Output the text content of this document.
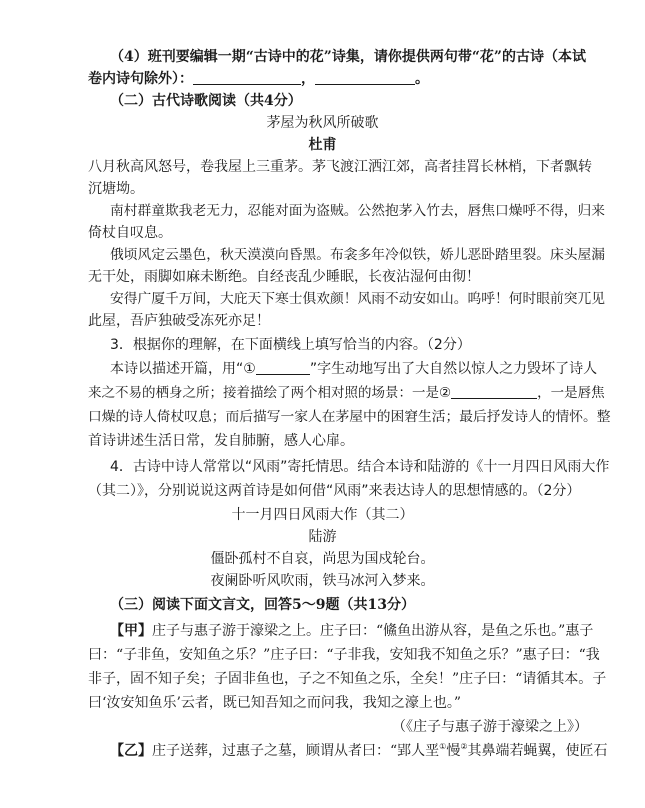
（4）班刊要编辑一期“古诗中的花”诗集，请你提供两句带“花”的古诗（本试
卷内诗句除外）：	，	。
（二）古代诗歌阅读（共4分）
茅屋为秋风所破歌
杜甫
八月秋高风怒号，卷我屋上三重茅。茅飞渡江洒江郊，高者挂罥长林梢，下者飘转
沉塘坳。
南村群童欺我老无力，忍能对面为盗贼。公然抱茅入竹去，唇焦口燥呼不得，归来
倚杖自叹息。
俄顷风定云墨色，秋天漠漠向昏黑。布衾多年冷似铁，娇儿恶卧踏里裂。床头屋漏
无干处，雨脚如麻未断绝。自经丧乱少睡眠，长夜沾湿何由彻！
安得广厦千万间，大庇天下寒士俱欢颜！风雨不动安如山。呜呼！何时眼前突兀见
此屋，吾庐独破受冻死亦足！
3．根据你的理解，在下面横线上填写恰当的内容。（2分）
本诗以描述开篇，用“①	”字生动地写出了大自然以惊人之力毁坏了诗人
来之不易的栖身之所；接着描绘了两个相对照的场景：一是②	，一是唇焦
口燥的诗人倚杖叹息；而后描写一家人在茅屋中的困窘生活；最后抒发诗人的情怀。整
首诗讲述生活日常，发自肺腑，感人心扉。
4．古诗中诗人常常以“风雨”寄托情思。结合本诗和陆游的《十一月四日风雨大作
（其二）》，分别说说这两首诗是如何借“风雨”来表达诗人的思想情感的。（2分）
十一月四日风雨大作（其二）
陆游
僵卧孤村不自哀，尚思为国戍轮台。
夜阑卧听风吹雨，铁马冰河入梦来。
（三）阅读下面文言文，回答5～9题（共13分）
【甲】庄子与惠子游于濠梁之上。庄子曰：“鯈鱼出游从容，是鱼之乐也。”惠子
曰：“子非鱼，安知鱼之乐？”庄子曰：“子非我，安知我不知鱼之乐？”惠子曰：“我
非子，固不知子矣；子固非鱼也，子之不知鱼之乐，全矣！”庄子曰：“请循其本。子
曰‘汝安知鱼乐’云者，既已知吾知之而问我，我知之濠上也。”
（《庄子与惠子游于濠梁之上》）
【乙】庄子送葬，过惠子之墓，顾谓从者曰：“郢人垩①慢②其鼻端若蝇翼，使匠石
